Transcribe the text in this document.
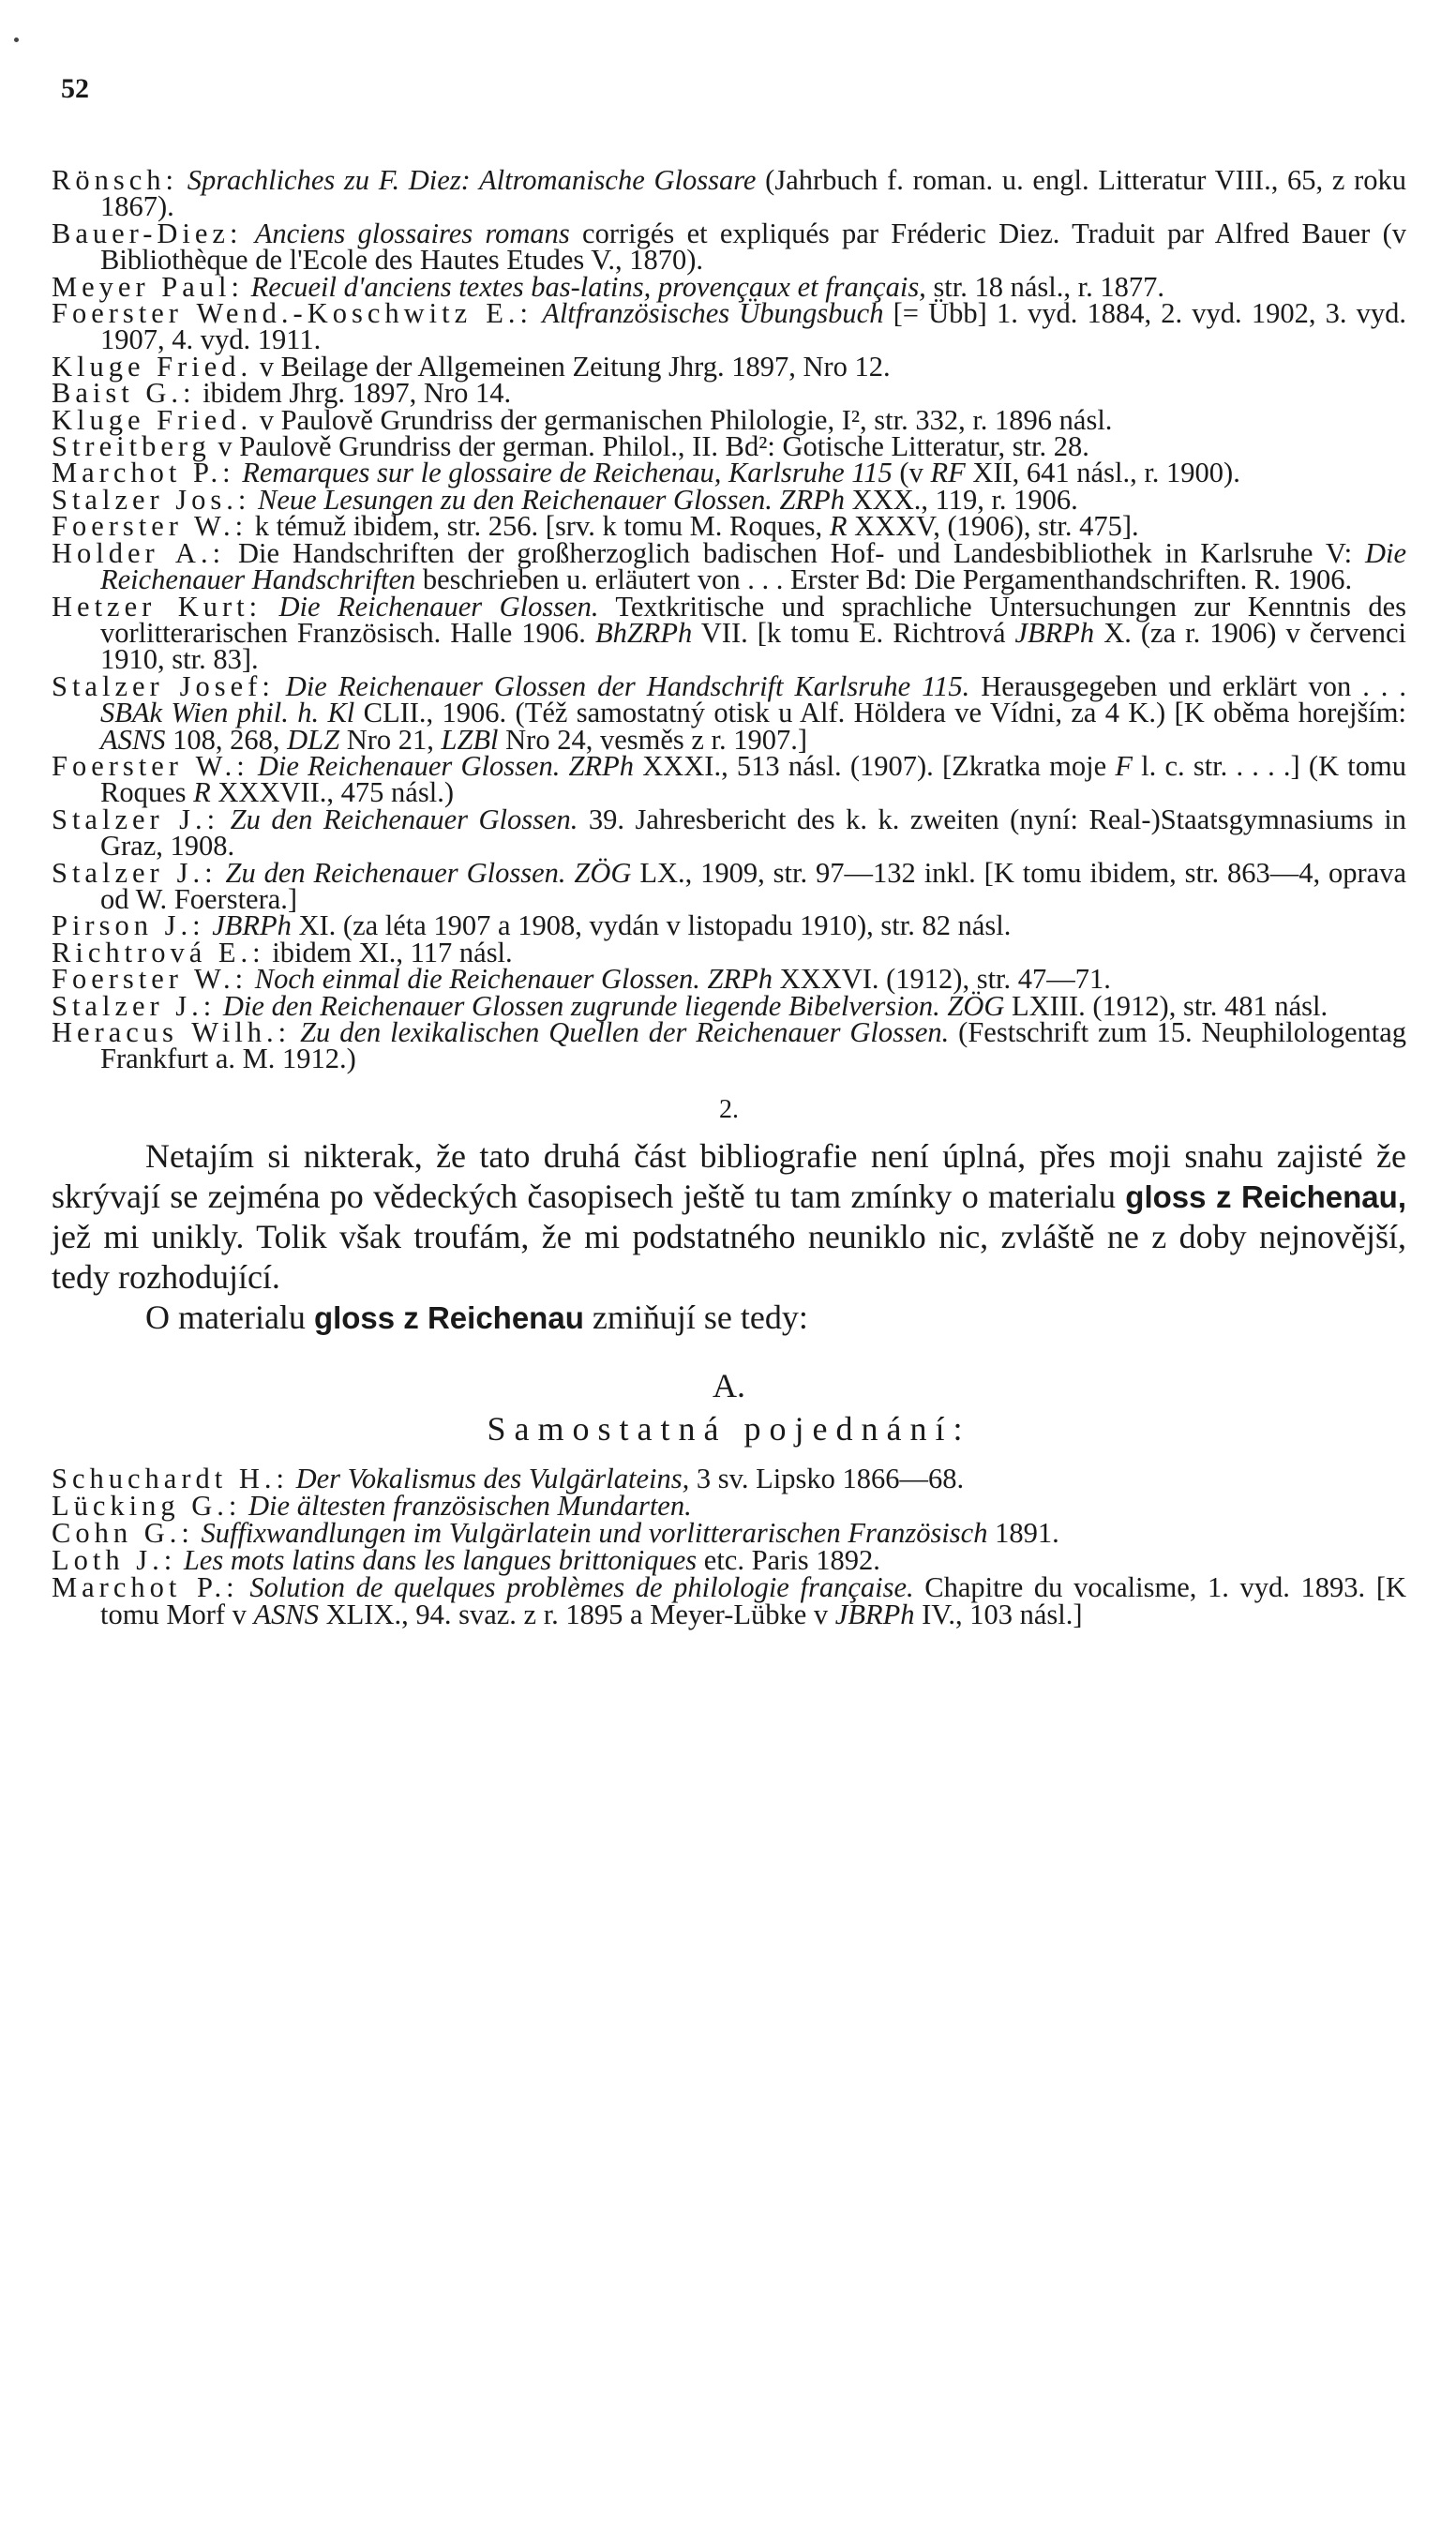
52

Rönsch: Sprachliches zu F. Diez: Altromanische Glossare (Jahrbuch f. roman. u. engl. Litteratur VIII., 65, z roku 1867).

Bauer-Diez: Anciens glossaires romans corrigés et expliqués par Fréderic Diez. Traduit par Alfred Bauer (v Bibliothèque de l'Ecole des Hautes Etudes V., 1870).

Meyer Paul: Recueil d'anciens textes bas-latins, provençaux et français, str. 18 násl., r. 1877.

Foerster Wend.-Koschwitz E.: Altfranzösisches Übungsbuch [= Übb] 1. vyd. 1884, 2. vyd. 1902, 3. vyd. 1907, 4. vyd. 1911.

Kluge Fried. v Beilage der Allgemeinen Zeitung Jhrg. 1897, Nro 12.

Baist G.: ibidem Jhrg. 1897, Nro 14.

Kluge Fried. v Paulově Grundriss der germanischen Philologie, I², str. 332, r. 1896 násl.

Streitberg v Paulově Grundriss der german. Philol., II. Bd²: Gotische Litteratur, str. 28.

Marchot P.: Remarques sur le glossaire de Reichenau, Karlsruhe 115 (v RF XII, 641 násl., r. 1900).

Stalzer Jos.: Neue Lesungen zu den Reichenauer Glossen. ZRPh XXX., 119, r. 1906.

Foerster W.: k témuž ibidem, str. 256. [srv. k tomu M. Roques, R XXXV, (1906), str. 475].

Holder A.: Die Handschriften der großherzoglich badischen Hof- und Landesbibliothek in Karlsruhe V: Die Reichenauer Handschriften beschrieben u. erläutert von . . . Erster Bd: Die Pergamenthandschriften. R. 1906.

Hetzer Kurt: Die Reichenauer Glossen. Textkritische und sprachliche Untersuchungen zur Kenntnis des vorlitterarischen Französisch. Halle 1906. BhZRPh VII. [k tomu E. Richtrová JBRPh X. (za r. 1906) v červenci 1910, str. 83].

Stalzer Josef: Die Reichenauer Glossen der Handschrift Karlsruhe 115. Herausgegeben und erklärt von . . . SBAk Wien phil. h. Kl CLII., 1906. (Též samostatný otisk u Alf. Höldera ve Vídni, za 4 K.) [K oběma horejším: ASNS 108, 268, DLZ Nro 21, LZBl Nro 24, vesměs z r. 1907.]

Foerster W.: Die Reichenauer Glossen. ZRPh XXXI., 513 násl. (1907). [Zkratka moje F l. c. str. . . . .] (K tomu Roques R XXXVII., 475 násl.)

Stalzer J.: Zu den Reichenauer Glossen. 39. Jahresbericht des k. k. zweiten (nyní: Real-)Staatsgymnasiums in Graz, 1908.

Stalzer J.: Zu den Reichenauer Glossen. ZÖG LX., 1909, str. 97—132 inkl. [K tomu ibidem, str. 863—4, oprava od W. Foerstera.]

Pirson J.: JBRPh XI. (za léta 1907 a 1908, vydán v listopadu 1910), str. 82 násl.

Richtrová E.: ibidem XI., 117 násl.

Foerster W.: Noch einmal die Reichenauer Glossen. ZRPh XXXVI. (1912), str. 47—71.

Stalzer J.: Die den Reichenauer Glossen zugrunde liegende Bibelversion. ZÖG LXIII. (1912), str. 481 násl.

Heracus Wilh.: Zu den lexikalischen Quellen der Reichenauer Glossen. (Festschrift zum 15. Neuphilologentag Frankfurt a. M. 1912.)

2.

Netajím si nikterak, že tato druhá část bibliografie není úplná, přes moji snahu zajisté že skrývají se zejména po vědeckých časopisech ještě tu tam zmínky o materialu gloss z Reichenau, jež mi unikly. Tolik však troufám, že mi podstatného neuniklo nic, zvláště ne z doby nejnovější, tedy rozhodující.

O materialu gloss z Reichenau zmiňují se tedy:

A.
Samostatná pojednání:

Schuchardt H.: Der Vokalismus des Vulgärlateins, 3 sv. Lipsko 1866—68.

Lücking G.: Die ältesten französischen Mundarten.

Cohn G.: Suffixwandlungen im Vulgärlatein und vorlitterarischen Französisch 1891.

Loth J.: Les mots latins dans les langues brittoniques etc. Paris 1892.

Marchot P.: Solution de quelques problèmes de philologie française. Chapitre du vocalisme, 1. vyd. 1893. [K tomu Morf v ASNS XLIX., 94. svaz. z r. 1895 a Meyer-Lübke v JBRPh IV., 103 násl.]
